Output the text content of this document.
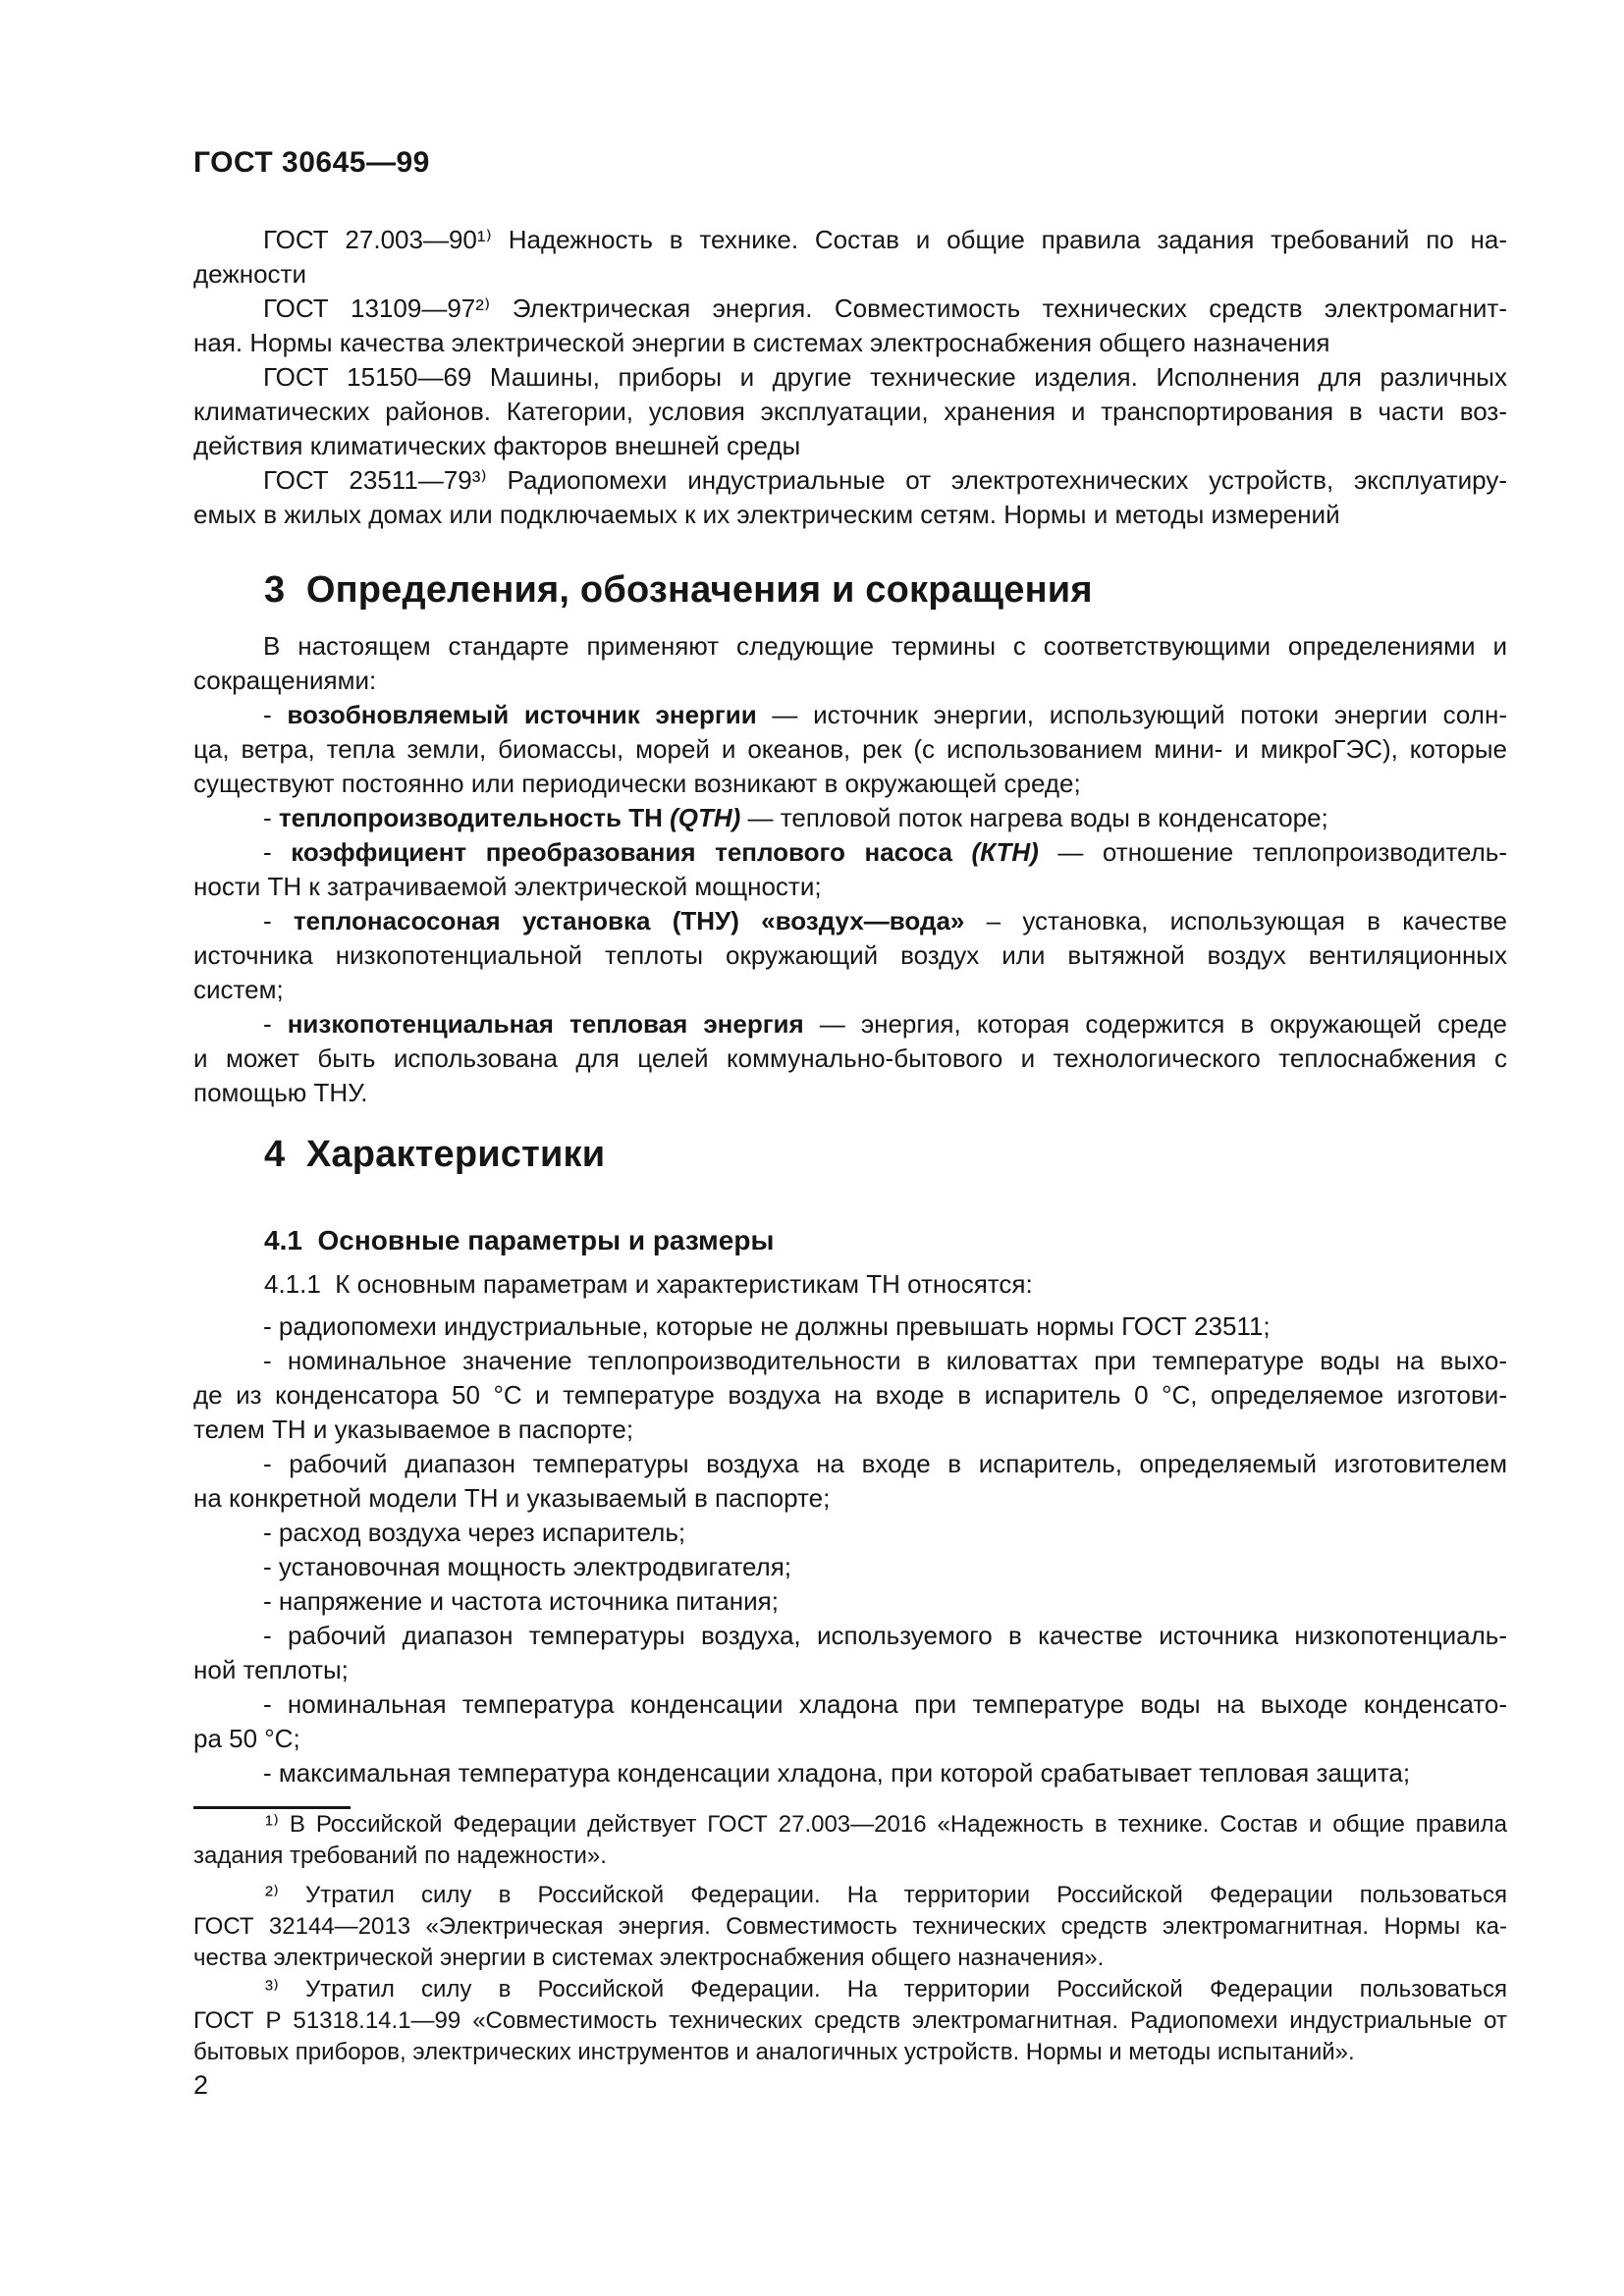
ГОСТ 30645—99
ГОСТ 27.003—90¹⁾ Надежность в технике. Состав и общие правила задания требований по на-
дежности
ГОСТ 13109—97²⁾ Электрическая энергия. Совместимость технических средств электромагнит-
ная. Нормы качества электрической энергии в системах электроснабжения общего назначения
ГОСТ 15150—69 Машины, приборы и другие технические изделия. Исполнения для различных
климатических районов. Категории, условия эксплуатации, хранения и транспортирования в части воз-
действия климатических факторов внешней среды
ГОСТ 23511—79³⁾ Радиопомехи индустриальные от электротехнических устройств, эксплуатиру-
емых в жилых домах или подключаемых к их электрическим сетям. Нормы и методы измерений
3  Определения, обозначения и сокращения
В настоящем стандарте применяют следующие термины с соответствующими определениями и
сокращениями:
- возобновляемый источник энергии — источник энергии, использующий потоки энергии солн-
ца, ветра, тепла земли, биомассы, морей и океанов, рек (с использованием мини- и микроГЭС), которые
существуют постоянно или периодически возникают в окружающей среде;
- теплопроизводительность ТН (QТН) — тепловой поток нагрева воды в конденсаторе;
- коэффициент преобразования теплового насоса (КТН) — отношение теплопроизводитель-
ности ТН к затрачиваемой электрической мощности;
- теплонасосоная установка (ТНУ) «воздух—вода» – установка, использующая в качестве
источника низкопотенциальной теплоты окружающий воздух или вытяжной воздух вентиляционных
систем;
- низкопотенциальная тепловая энергия — энергия, которая содержится в окружающей среде
и может быть использована для целей коммунально-бытового и технологического теплоснабжения с
помощью ТНУ.
4  Характеристики
4.1  Основные параметры и размеры
4.1.1  К основным параметрам и характеристикам ТН относятся:
- радиопомехи индустриальные, которые не должны превышать нормы ГОСТ 23511;
- номинальное значение теплопроизводительности в киловаттах при температуре воды на выхо-
де из конденсатора 50 °С и температуре воздуха на входе в испаритель 0 °С, определяемое изготови-
телем ТН и указываемое в паспорте;
- рабочий диапазон температуры воздуха на входе в испаритель, определяемый изготовителем
на конкретной модели ТН и указываемый в паспорте;
- расход воздуха через испаритель;
- установочная мощность электродвигателя;
- напряжение и частота источника питания;
- рабочий диапазон температуры воздуха, используемого в качестве источника низкопотенциаль-
ной теплоты;
- номинальная температура конденсации хладона при температуре воды на выходе конденсато-
ра 50 °С;
- максимальная температура конденсации хладона, при которой срабатывает тепловая защита;
¹⁾ В Российской Федерации действует ГОСТ 27.003—2016 «Надежность в технике. Состав и общие правила
задания требований по надежности».
²⁾ Утратил силу в Российской Федерации. На территории Российской Федерации пользоваться
ГОСТ 32144—2013 «Электрическая энергия. Совместимость технических средств электромагнитная. Нормы ка-
чества электрической энергии в системах электроснабжения общего назначения».
³⁾ Утратил силу в Российской Федерации. На территории Российской Федерации пользоваться
ГОСТ Р 51318.14.1—99 «Совместимость технических средств электромагнитная. Радиопомехи индустриальные от
бытовых приборов, электрических инструментов и аналогичных устройств. Нормы и методы испытаний».
2
